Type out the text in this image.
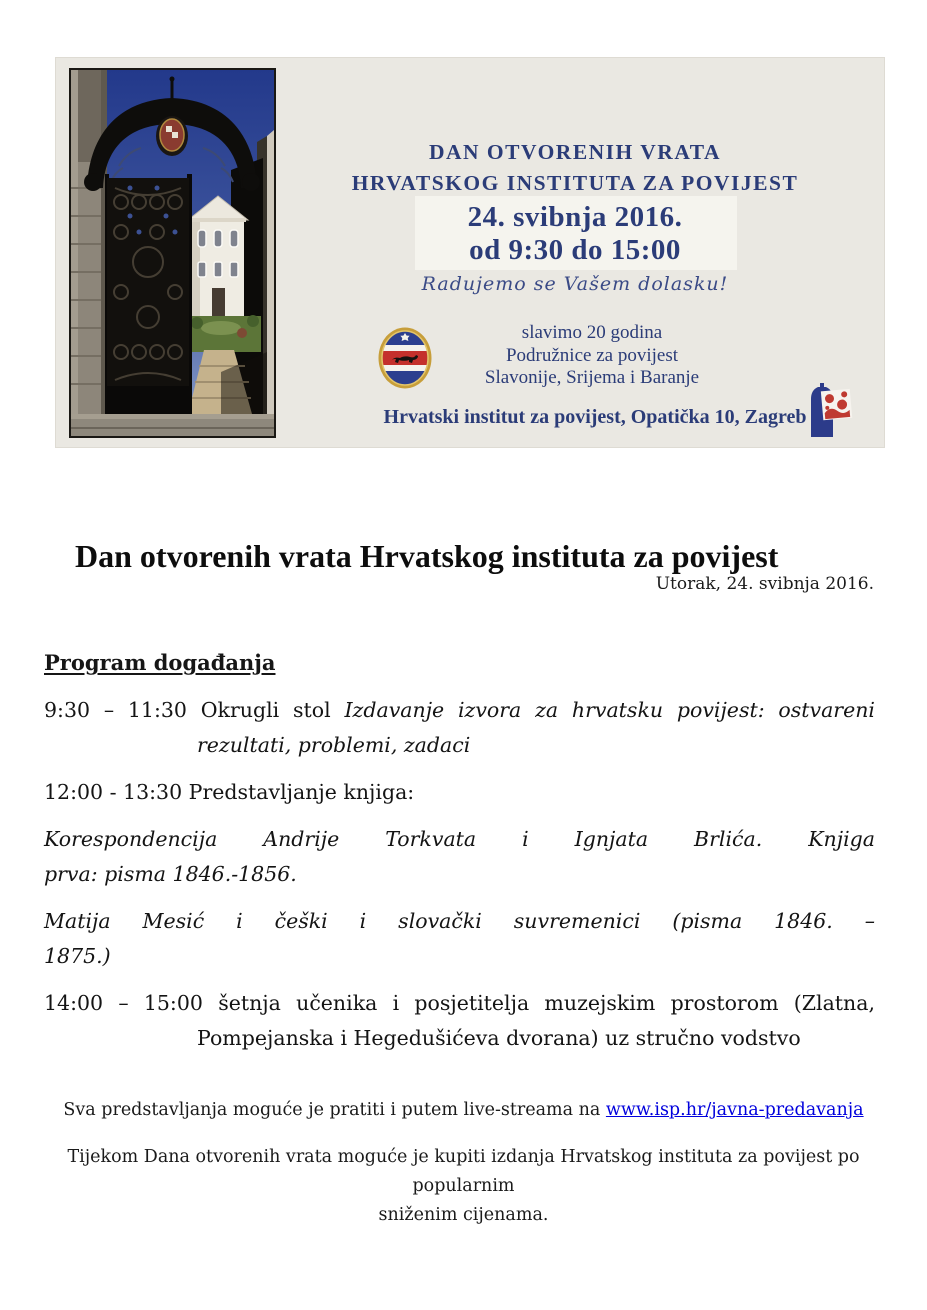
DAN OTVORENIH VRATA
HRVATSKOG INSTITUTA ZA POVIJEST
24. svibnja 2016.
od 9:30 do 15:00
Radujemo se Vašem dolasku!
slavimo 20 godina
Podružnice za povijest
Slavonije, Srijema i Baranje
Hrvatski institut za povijest, Opatička 10, Zagreb
Dan otvorenih vrata Hrvatskog instituta za povijest
Utorak, 24. svibnja 2016.
Program događanja
9:30 – 11:30 Okrugli stol Izdavanje izvora za hrvatsku povijest: ostvareni
rezultati, problemi, zadaci
12:00 - 13:30 Predstavljanje knjiga:
Korespondencija Andrije Torkvata i Ignjata Brlića. Knjiga
prva: pisma 1846.-1856.
Matija Mesić i češki i slovački suvremenici (pisma 1846. –
1875.)
14:00 – 15:00 šetnja učenika i posjetitelja muzejskim prostorom (Zlatna,
Pompejanska i Hegedušićeva dvorana) uz stručno vodstvo
Sva predstavljanja moguće je pratiti i putem live-streama na www.isp.hr/javna-predavanja
Tijekom Dana otvorenih vrata moguće je kupiti izdanja Hrvatskog instituta za povijest po popularnim
sniženim cijenama.
